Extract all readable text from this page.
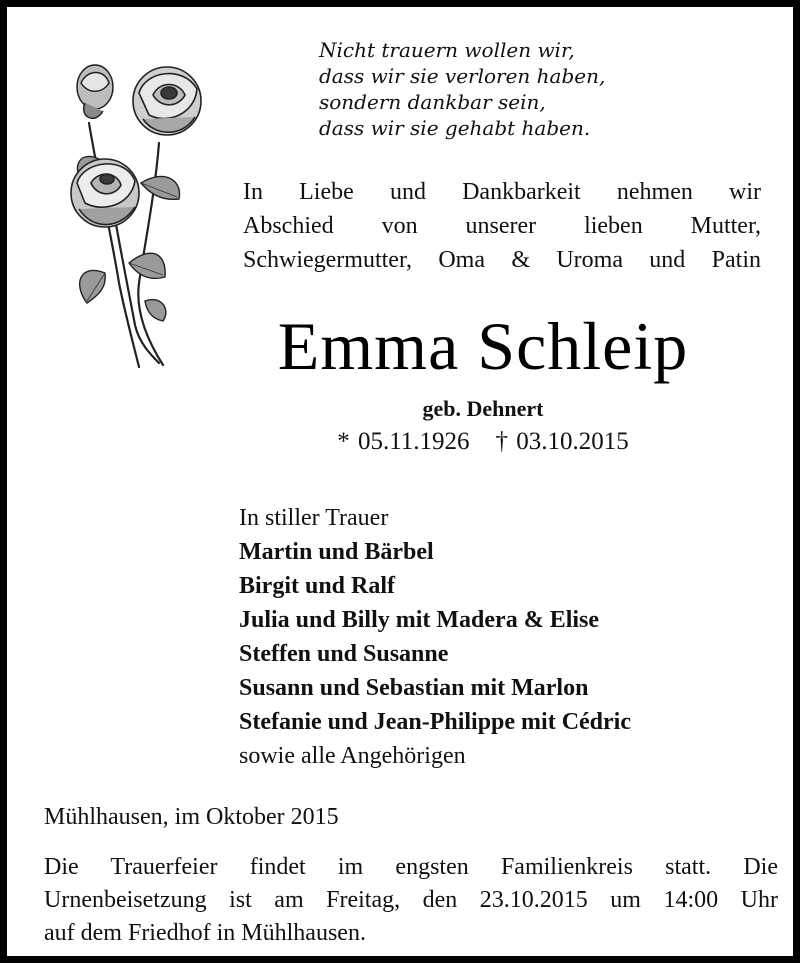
Nicht trauern wollen wir,
dass wir sie verloren haben,
sondern dankbar sein,
dass wir sie gehabt haben.
In Liebe und Dankbarkeit nehmen wir
Abschied von unserer lieben Mutter,
Schwiegermutter, Oma & Uroma und Patin
Emma Schleip
geb. Dehnert
* 05.11.1926 † 03.10.2015
In stiller Trauer
Martin und Bärbel
Birgit und Ralf
Julia und Billy mit Madera & Elise
Steffen und Susanne
Susann und Sebastian mit Marlon
Stefanie und Jean-Philippe mit Cédric
sowie alle Angehörigen
Mühlhausen, im Oktober 2015
Die Trauerfeier findet im engsten Familienkreis statt. Die
Urnenbeisetzung ist am Freitag, den 23.10.2015 um 14:00 Uhr
auf dem Friedhof in Mühlhausen.
